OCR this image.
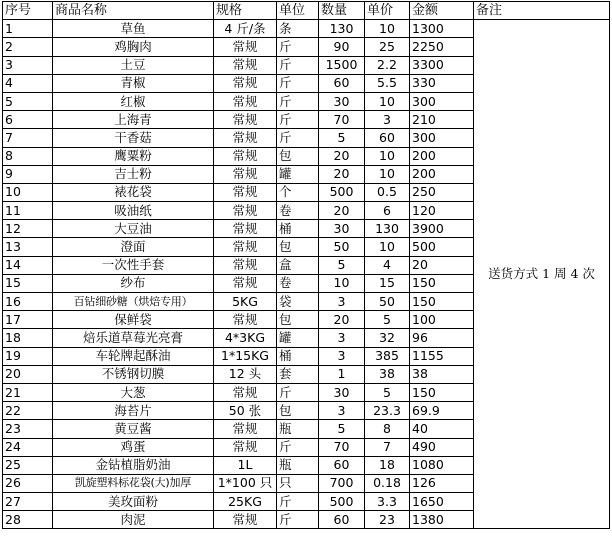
序号	商品名称	规格	单位	数量	单价	金额	备注
1	草鱼	4 斤/条	条	130	10	1300	送货方式 1 周 4 次
2	鸡胸肉	常规	斤	90	25	2250	
3	土豆	常规	斤	1500	2.2	3300	
4	青椒	常规	斤	60	5.5	330	
5	红椒	常规	斤	30	10	300	
6	上海青	常规	斤	70	3	210	
7	干香菇	常规	斤	5	60	300	
8	鹰粟粉	常规	包	20	10	200	
9	吉士粉	常规	罐	20	10	200	
10	裱花袋	常规	个	500	0.5	250	
11	吸油纸	常规	卷	20	6	120	
12	大豆油	常规	桶	30	130	3900	
13	澄面	常规	包	50	10	500	
14	一次性手套	常规	盒	5	4	20	
15	纱布	常规	卷	10	15	150	
16	百钻细砂糖（烘焙专用）	5KG	袋	3	50	150	
17	保鲜袋	常规	包	20	5	100	
18	焙乐道草莓光亮膏	4*3KG	罐	3	32	96	
19	车轮牌起酥油	1*15KG	桶	3	385	1155	
20	不锈钢切膜	12 头	套	1	38	38	
21	大葱	常规	斤	30	5	150	
22	海苔片	50 张	包	3	23.3	69.9	
23	黄豆酱	常规	瓶	5	8	40	
24	鸡蛋	常规	斤	70	7	490	
25	金钻植脂奶油	1L	瓶	60	18	1080	
26	凯旋塑料标花袋(大)加厚	1*100 只	只	700	0.18	126	
27	美玫面粉	25KG	斤	500	3.3	1650	
28	肉泥	常规	斤	60	23	1380	
